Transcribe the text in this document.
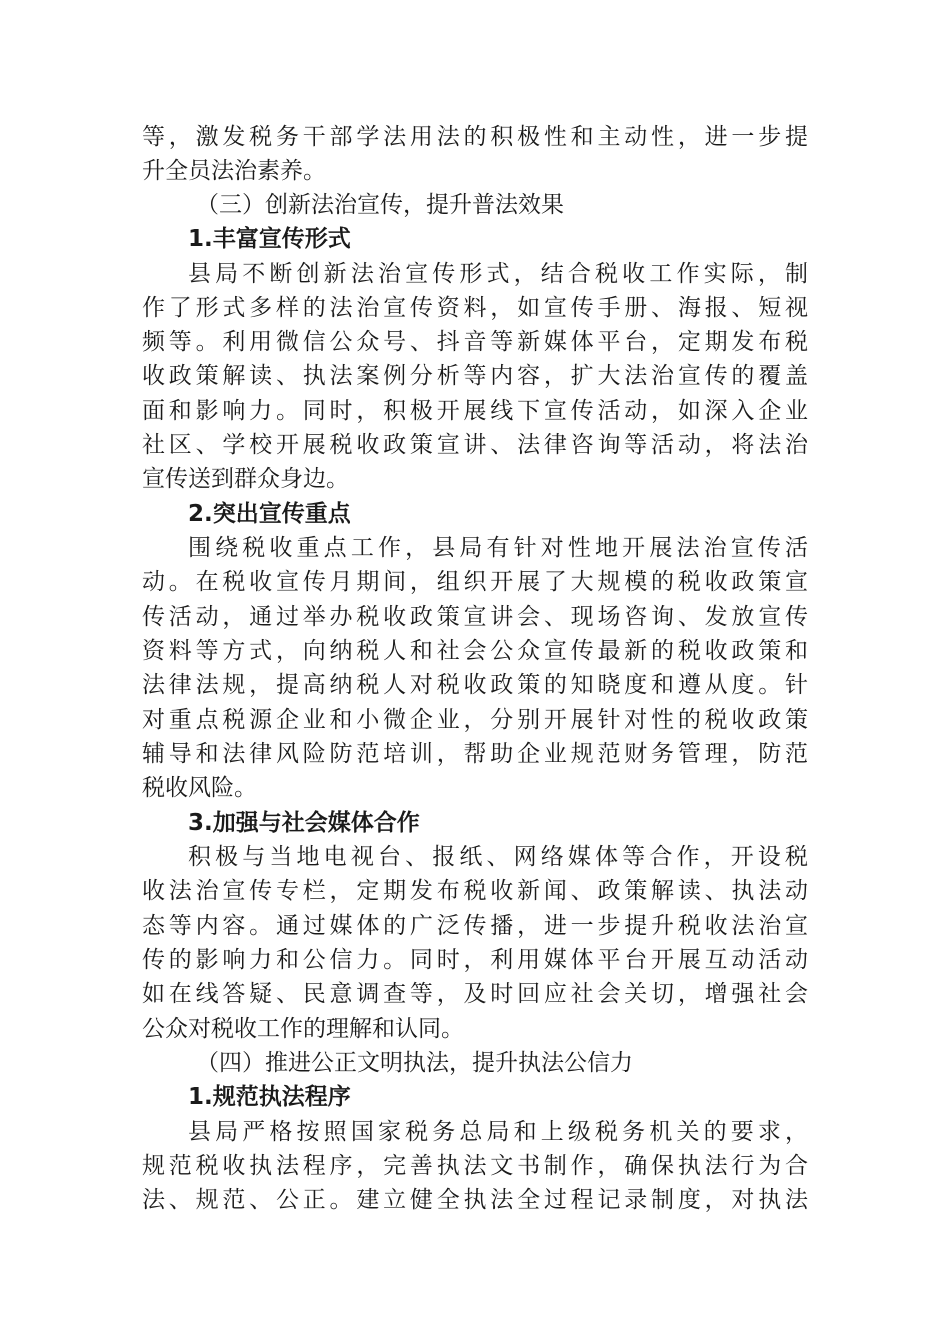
等，激发税务干部学法用法的积极性和主动性，进一步提
升全员法治素养。
（三）创新法治宣传，提升普法效果
1.丰富宣传形式
县局不断创新法治宣传形式，结合税收工作实际，制
作了形式多样的法治宣传资料，如宣传手册、海报、短视
频等。利用微信公众号、抖音等新媒体平台，定期发布税
收政策解读、执法案例分析等内容，扩大法治宣传的覆盖
面和影响力。同时，积极开展线下宣传活动，如深入企业
社区、学校开展税收政策宣讲、法律咨询等活动，将法治
宣传送到群众身边。
2.突出宣传重点
围绕税收重点工作，县局有针对性地开展法治宣传活
动。在税收宣传月期间，组织开展了大规模的税收政策宣
传活动，通过举办税收政策宣讲会、现场咨询、发放宣传
资料等方式，向纳税人和社会公众宣传最新的税收政策和
法律法规，提高纳税人对税收政策的知晓度和遵从度。针
对重点税源企业和小微企业，分别开展针对性的税收政策
辅导和法律风险防范培训，帮助企业规范财务管理，防范
税收风险。
3.加强与社会媒体合作
积极与当地电视台、报纸、网络媒体等合作，开设税
收法治宣传专栏，定期发布税收新闻、政策解读、执法动
态等内容。通过媒体的广泛传播，进一步提升税收法治宣
传的影响力和公信力。同时，利用媒体平台开展互动活动
如在线答疑、民意调查等，及时回应社会关切，增强社会
公众对税收工作的理解和认同。
（四）推进公正文明执法，提升执法公信力
1.规范执法程序
县局严格按照国家税务总局和上级税务机关的要求，
规范税收执法程序，完善执法文书制作，确保执法行为合
法、规范、公正。建立健全执法全过程记录制度，对执法
